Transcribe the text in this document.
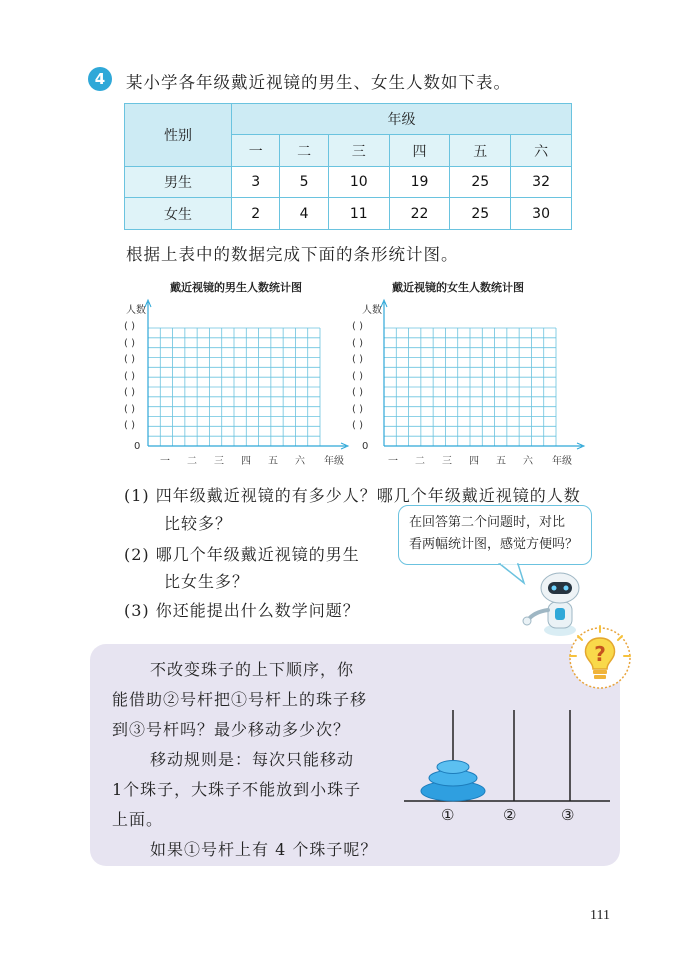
4	某小学各年级戴近视镜的男生、女生人数如下表。
性别	年级					
	一	二	三	四	五	六
男生	3	5	10	19	25	32
女生	2	4	11	22	25	30
根据上表中的数据完成下面的条形统计图。
戴近视镜的男生人数统计图
人数
( )
( )
( )
( )
( )
( )
( )
0
一 二 三 四 五 六 年级
戴近视镜的女生人数统计图
人数
( )
( )
( )
( )
( )
( )
( )
0
一 二 三 四 五 六 年级
(1) 四年级戴近视镜的有多少人？哪几个年级戴近视镜的人数
比较多？
(2) 哪几个年级戴近视镜的男生
比女生多？
(3) 你还能提出什么数学问题？
在回答第二个问题时，对比
看两幅统计图，感觉方便吗？
不改变珠子的上下顺序，你
能借助②号杆把①号杆上的珠子移
到③号杆吗？最少移动多少次？
移动规则是：每次只能移动
1个珠子，大珠子不能放到小珠子
上面。
如果①号杆上有 4 个珠子呢？
?
①	②	③
111
